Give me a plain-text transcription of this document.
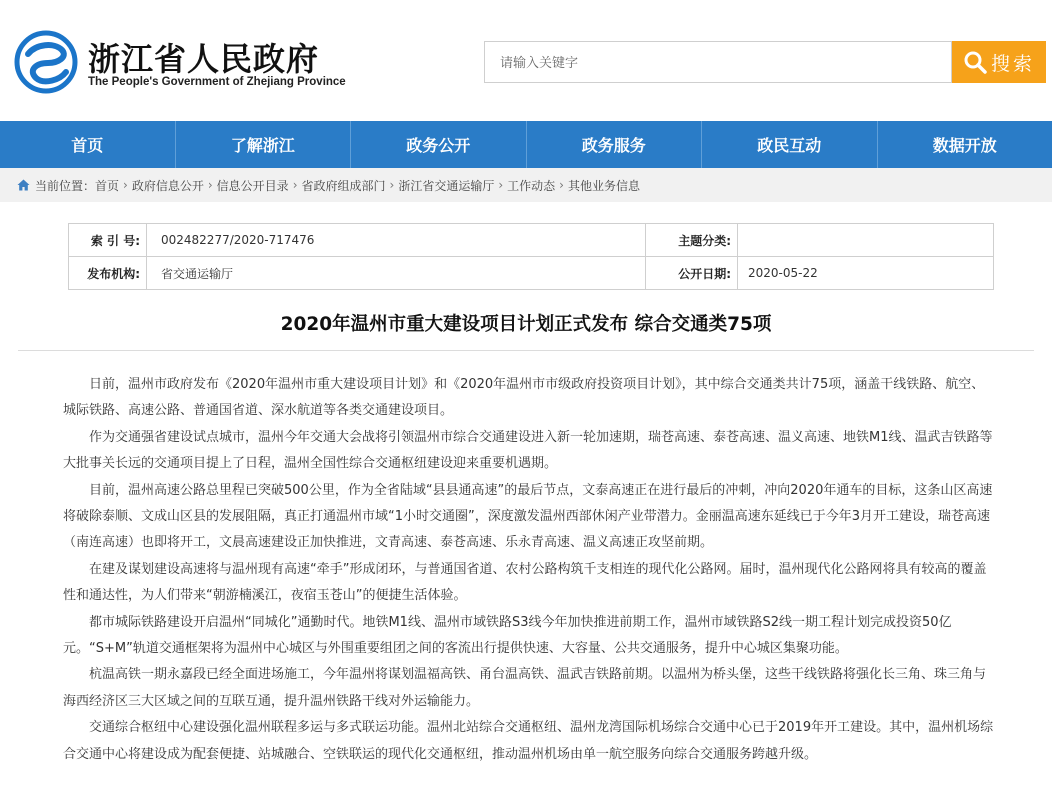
浙江省人民政府
The People's Government of Zhejiang Province
请输入关键字
搜索
首页	了解浙江	政务公开	政务服务	政民互动	数据开放
当前位置： 首页 › 政府信息公开 › 信息公开目录 › 省政府组成部门 › 浙江省交通运输厅 › 工作动态 › 其他业务信息
索 引 号:	002482277/2020-717476	主题分类:	
发布机构:	省交通运输厅	公开日期:	2020-05-22
2020年温州市重大建设项目计划正式发布 综合交通类75项

日前，温州市政府发布《2020年温州市重大建设项目计划》和《2020年温州市市级政府投资项目计划》，其中综合交通类共计75项，涵盖干线铁路、航空、城际铁路、高速公路、普通国省道、深水航道等各类交通建设项目。

作为交通强省建设试点城市，温州今年交通大会战将引领温州市综合交通建设进入新一轮加速期，瑞苍高速、泰苍高速、温义高速、地铁M1线、温武吉铁路等大批事关长远的交通项目提上了日程，温州全国性综合交通枢纽建设迎来重要机遇期。

目前，温州高速公路总里程已突破500公里，作为全省陆域“县县通高速”的最后节点，文泰高速正在进行最后的冲刺，冲向2020年通车的目标，这条山区高速将破除泰顺、文成山区县的发展阻隔，真正打通温州市域“1小时交通圈”，深度激发温州西部休闲产业带潜力。金丽温高速东延线已于今年3月开工建设，瑞苍高速（南连高速）也即将开工，文晨高速建设正加快推进，文青高速、泰苍高速、乐永青高速、温义高速正攻坚前期。

在建及谋划建设高速将与温州现有高速“牵手”形成闭环，与普通国省道、农村公路构筑千支相连的现代化公路网。届时，温州现代化公路网将具有较高的覆盖性和通达性，为人们带来“朝游楠溪江，夜宿玉苍山”的便捷生活体验。

都市城际铁路建设开启温州“同城化”通勤时代。地铁M1线、温州市域铁路S3线今年加快推进前期工作，温州市域铁路S2线一期工程计划完成投资50亿元。“S+M”轨道交通框架将为温州中心城区与外围重要组团之间的客流出行提供快速、大容量、公共交通服务，提升中心城区集聚功能。

杭温高铁一期永嘉段已经全面进场施工，今年温州将谋划温福高铁、甬台温高铁、温武吉铁路前期。以温州为桥头堡，这些干线铁路将强化长三角、珠三角与海西经济区三大区域之间的互联互通，提升温州铁路干线对外运输能力。

交通综合枢纽中心建设强化温州联程多运与多式联运功能。温州北站综合交通枢纽、温州龙湾国际机场综合交通中心已于2019年开工建设。其中，温州机场综合交通中心将建设成为配套便捷、站城融合、空铁联运的现代化交通枢纽，推动温州机场由单一航空服务向综合交通服务跨越升级。
